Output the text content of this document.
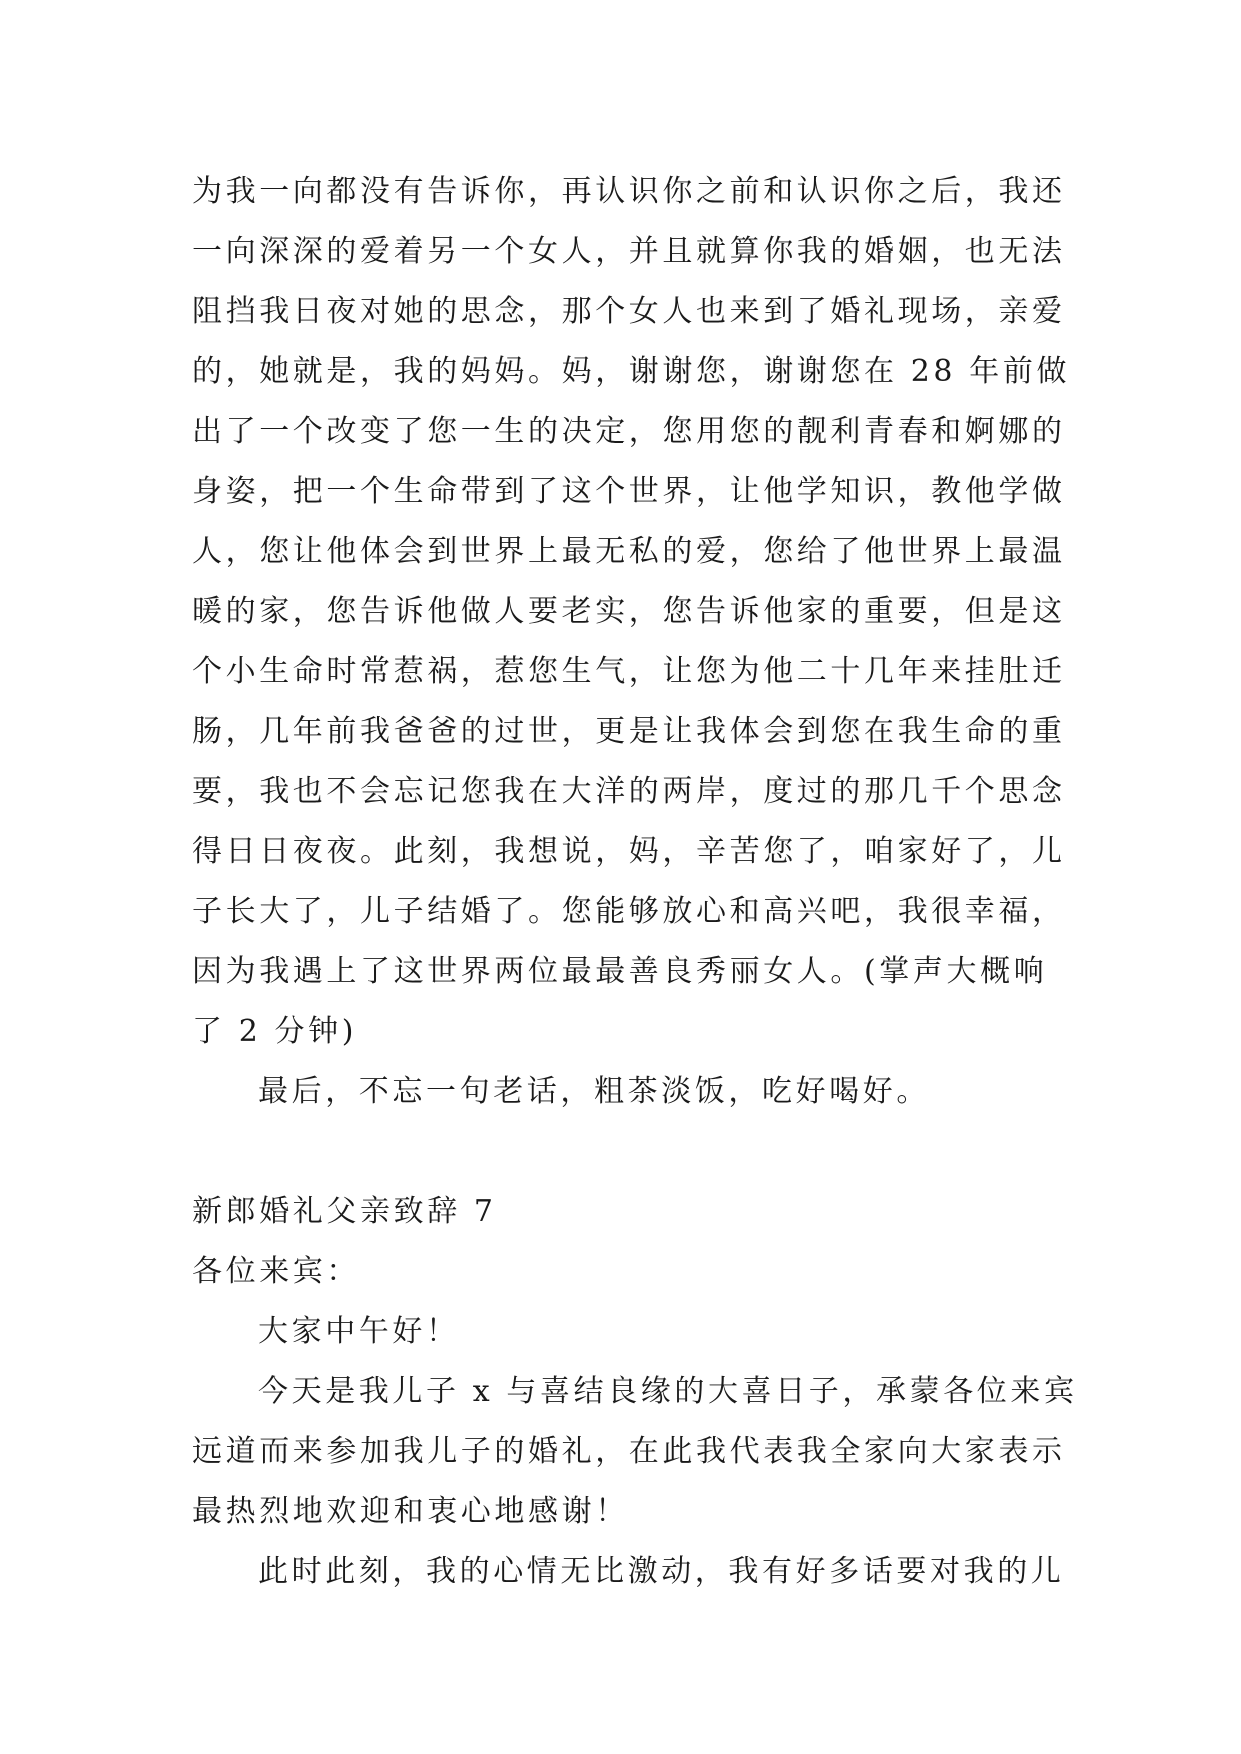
为我一向都没有告诉你，再认识你之前和认识你之后，我还
一向深深的爱着另一个女人，并且就算你我的婚姻，也无法
阻挡我日夜对她的思念，那个女人也来到了婚礼现场，亲爱
的，她就是，我的妈妈。妈，谢谢您，谢谢您在 28 年前做
出了一个改变了您一生的决定，您用您的靓利青春和婀娜的
身姿，把一个生命带到了这个世界，让他学知识，教他学做
人，您让他体会到世界上最无私的爱，您给了他世界上最温
暖的家，您告诉他做人要老实，您告诉他家的重要，但是这
个小生命时常惹祸，惹您生气，让您为他二十几年来挂肚迁
肠，几年前我爸爸的过世，更是让我体会到您在我生命的重
要，我也不会忘记您我在大洋的两岸，度过的那几千个思念
得日日夜夜。此刻，我想说，妈，辛苦您了，咱家好了，儿
子长大了，儿子结婚了。您能够放心和高兴吧，我很幸福，
因为我遇上了这世界两位最最善良秀丽女人。(掌声大概响
了 2 分钟)
最后，不忘一句老话，粗茶淡饭，吃好喝好。
新郎婚礼父亲致辞 7
各位来宾：
大家中午好！
今天是我儿子 x 与喜结良缘的大喜日子，承蒙各位来宾
远道而来参加我儿子的婚礼，在此我代表我全家向大家表示
最热烈地欢迎和衷心地感谢！
此时此刻，我的心情无比激动，我有好多话要对我的儿
